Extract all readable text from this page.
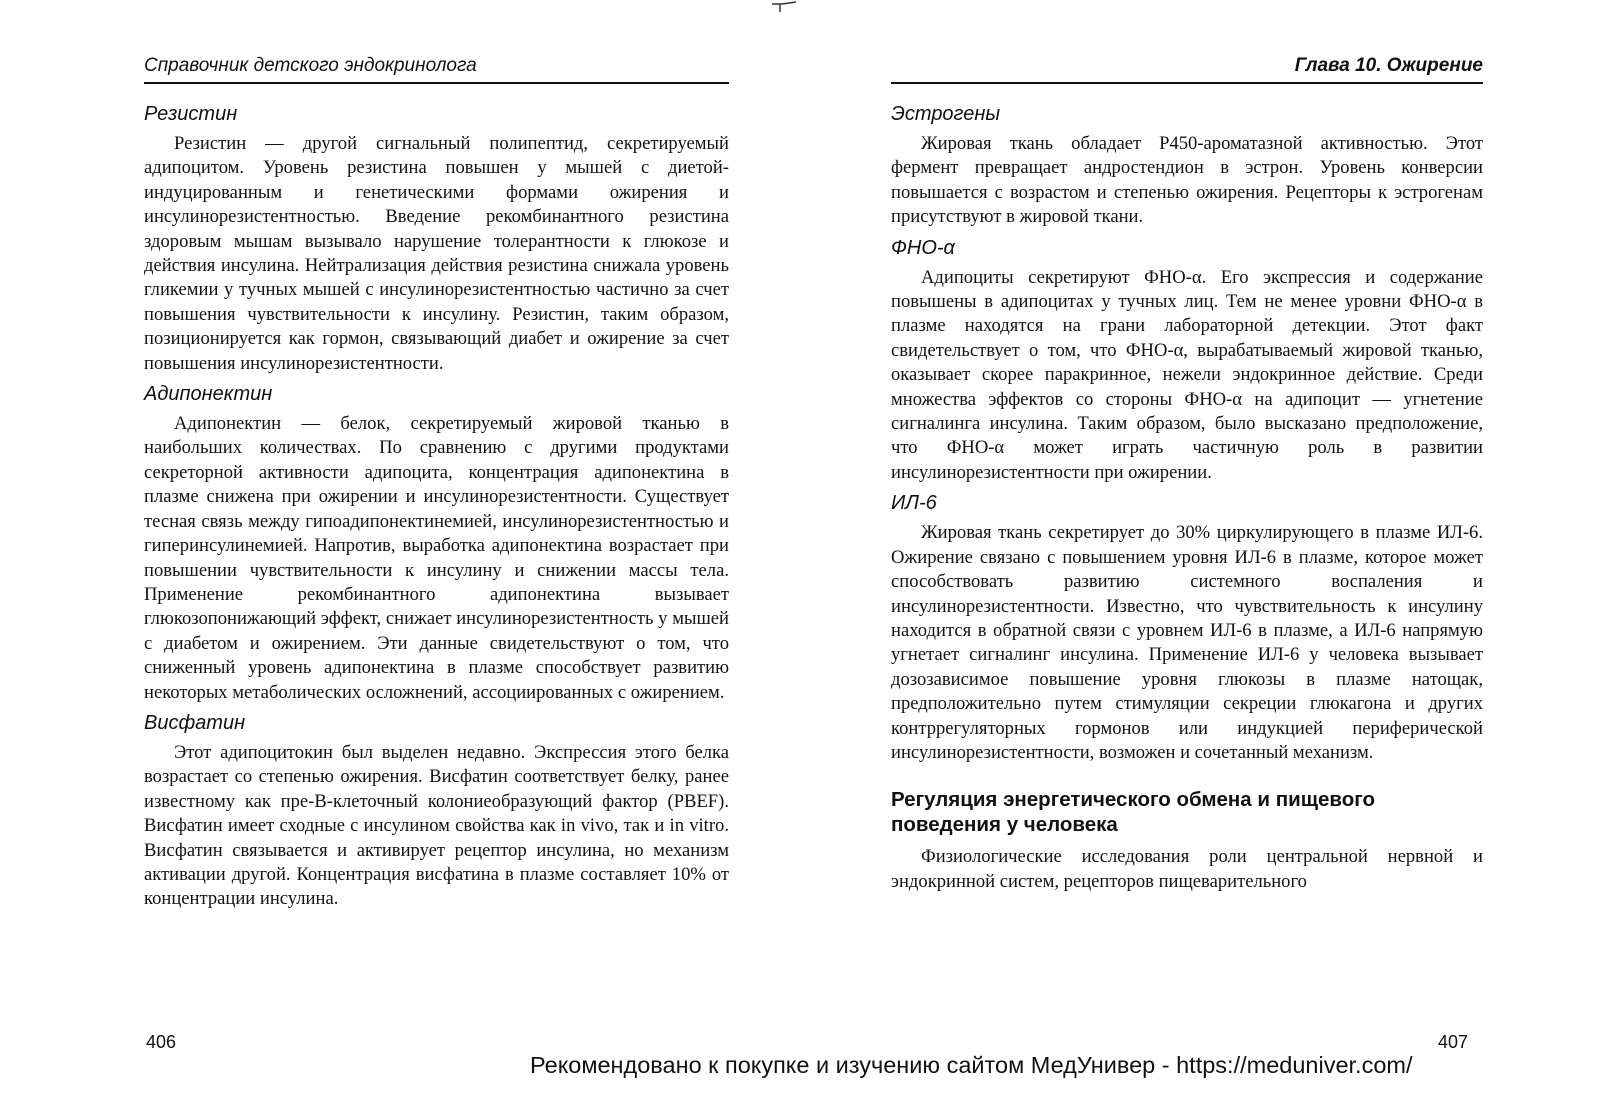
Справочник детского эндокринолога
Резистин

Резистин — другой сигнальный полипептид, секретируемый адипоцитом. Уровень резистина повышен у мышей с диетой-индуцированным и генетическими формами ожирения и инсулинорезистентностью. Введение рекомбинантного резистина здоровым мышам вызывало нарушение толерантности к глюкозе и действия инсулина. Нейтрализация действия резистина снижала уровень гликемии у тучных мышей с инсулинорезистентностью частично за счет повышения чувствительности к инсулину. Резистин, таким образом, позиционируется как гормон, связывающий диабет и ожирение за счет повышения инсулинорезистентности.

Адипонектин

Адипонектин — белок, секретируемый жировой тканью в наибольших количествах. По сравнению с другими продуктами секреторной активности адипоцита, концентрация адипонектина в плазме снижена при ожирении и инсулинорезистентности. Существует тесная связь между гипоадипонектинемией, инсулинорезистентностью и гиперинсулинемией. Напротив, выработка адипонектина возрастает при повышении чувствительности к инсулину и снижении массы тела. Применение рекомбинантного адипонектина вызывает глюкозопонижающий эффект, снижает инсулинорезистентность у мышей с диабетом и ожирением. Эти данные свидетельствуют о том, что сниженный уровень адипонектина в плазме способствует развитию некоторых метаболических осложнений, ассоциированных с ожирением.

Висфатин

Этот адипоцитокин был выделен недавно. Экспрессия этого белка возрастает со степенью ожирения. Висфатин соответствует белку, ранее известному как пре-В-клеточный колониеобразующий фактор (PBEF). Висфатин имеет сходные с инсулином свойства как in vivo, так и in vitro. Висфатин связывается и активирует рецептор инсулина, но механизм активации другой. Концентрация висфатина в плазме составляет 10% от концентрации инсулина.

Глава 10. Ожирение
Эстрогены

Жировая ткань обладает P450-ароматазной активностью. Этот фермент превращает андростендион в эстрон. Уровень конверсии повышается с возрастом и степенью ожирения. Рецепторы к эстрогенам присутствуют в жировой ткани.

ФНО-α

Адипоциты секретируют ФНО-α. Его экспрессия и содержание повышены в адипоцитах у тучных лиц. Тем не менее уровни ФНО-α в плазме находятся на грани лабораторной детекции. Этот факт свидетельствует о том, что ФНО-α, вырабатываемый жировой тканью, оказывает скорее паракринное, нежели эндокринное действие. Среди множества эффектов со стороны ФНО-α на адипоцит — угнетение сигналинга инсулина. Таким образом, было высказано предположение, что ФНО-α может играть частичную роль в развитии инсулинорезистентности при ожирении.

ИЛ-6

Жировая ткань секретирует до 30% циркулирующего в плазме ИЛ-6. Ожирение связано с повышением уровня ИЛ-6 в плазме, которое может способствовать развитию системного воспаления и инсулинорезистентности. Известно, что чувствительность к инсулину находится в обратной связи с уровнем ИЛ-6 в плазме, а ИЛ-6 напрямую угнетает сигналинг инсулина. Применение ИЛ-6 у человека вызывает дозозависимое повышение уровня глюкозы в плазме натощак, предположительно путем стимуляции секреции глюкагона и других контррегуляторных гормонов или индукцией периферической инсулинорезистентности, возможен и сочетанный механизм.

Регуляция энергетического обмена и пищевого поведения у человека

Физиологические исследования роли центральной нервной и эндокринной систем, рецепторов пищеварительного

406	407
Рекомендовано к покупке и изучению сайтом МедУнивер - https://meduniver.com/
